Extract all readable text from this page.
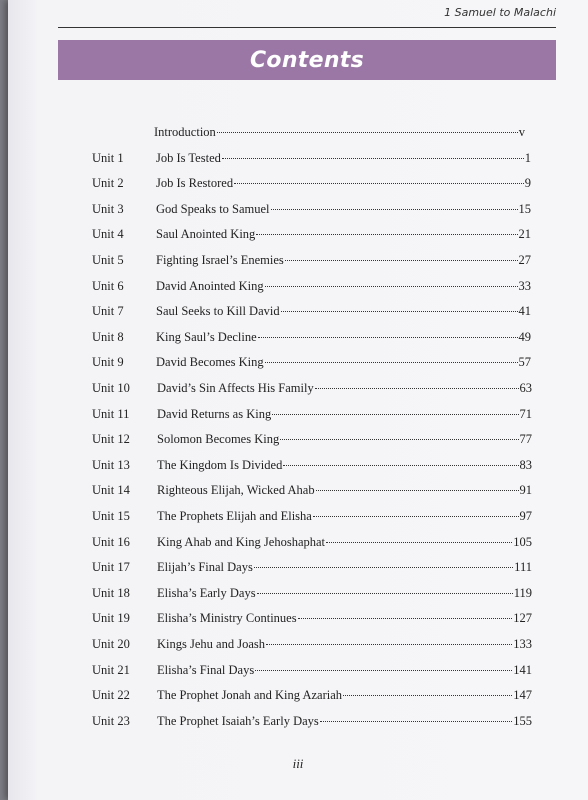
1 Samuel to Malachi
Contents
Introduction	v
Unit 1	Job Is Tested	1
Unit 2	Job Is Restored	9
Unit 3	God Speaks to Samuel	15
Unit 4	Saul Anointed King	21
Unit 5	Fighting Israel’s Enemies	27
Unit 6	David Anointed King	33
Unit 7	Saul Seeks to Kill David	41
Unit 8	King Saul’s Decline	49
Unit 9	David Becomes King	57
Unit 10 David’s Sin Affects His Family	63
Unit 11 David Returns as King	71
Unit 12 Solomon Becomes King	77
Unit 13 The Kingdom Is Divided	83
Unit 14 Righteous Elijah, Wicked Ahab	91
Unit 15 The Prophets Elijah and Elisha	97
Unit 16 King Ahab and King Jehoshaphat	105
Unit 17 Elijah’s Final Days	111
Unit 18 Elisha’s Early Days	119
Unit 19 Elisha’s Ministry Continues	127
Unit 20 Kings Jehu and Joash	133
Unit 21 Elisha’s Final Days	141
Unit 22 The Prophet Jonah and King Azariah	147
Unit 23 The Prophet Isaiah’s Early Days	155
iii
